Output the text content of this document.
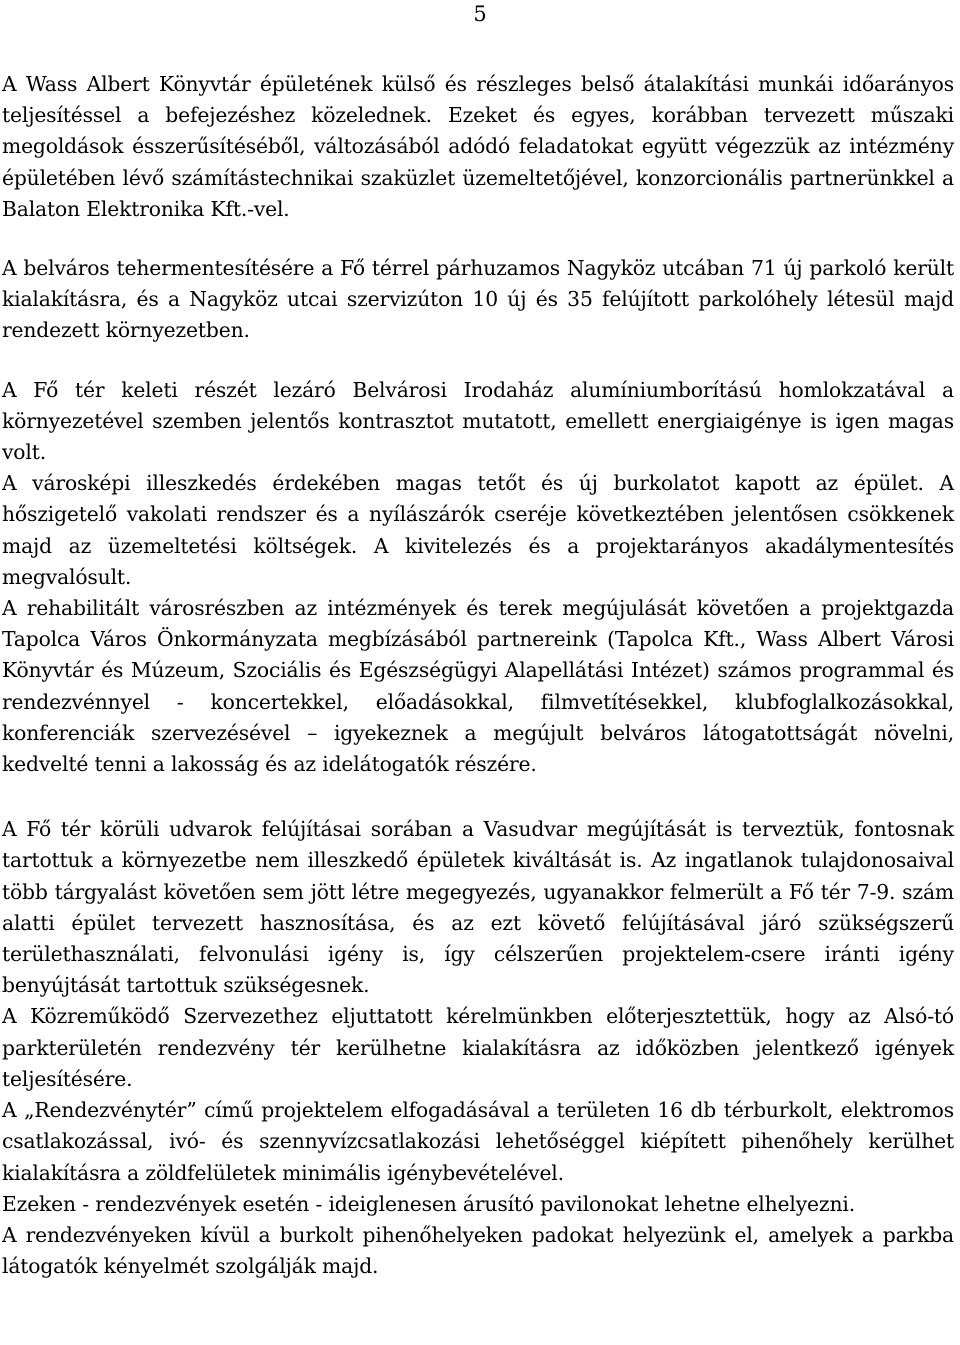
5

A Wass Albert Könyvtár épületének külső és részleges belső átalakítási munkái időarányos teljesítéssel a befejezéshez közelednek. Ezeket és egyes, korábban tervezett műszaki megoldások ésszerűsítéséből, változásából adódó feladatokat együtt végezzük az intézmény épületében lévő számítástechnikai szaküzlet üzemeltetőjével, konzorcionális partnerünkkel a Balaton Elektronika Kft.-vel.

A belváros tehermentesítésére a Fő térrel párhuzamos Nagyköz utcában 71 új parkoló került kialakításra, és a Nagyköz utcai szervizúton 10 új és 35 felújított parkolóhely létesül majd rendezett környezetben.

A Fő tér keleti részét lezáró Belvárosi Irodaház alumíniumborítású homlokzatával a környezetével szemben jelentős kontrasztot mutatott, emellett energiaigénye is igen magas volt.

A városképi illeszkedés érdekében magas tetőt és új burkolatot kapott az épület. A hőszigetelő vakolati rendszer és a nyílászárók cseréje következtében jelentősen csökkenek majd az üzemeltetési költségek. A kivitelezés és a projektarányos akadálymentesítés megvalósult.

A rehabilitált városrészben az intézmények és terek megújulását követően a projektgazda Tapolca Város Önkormányzata megbízásából partnereink (Tapolca Kft., Wass Albert Városi Könyvtár és Múzeum, Szociális és Egészségügyi Alapellátási Intézet) számos programmal és rendezvénnyel - koncertekkel, előadásokkal, filmvetítésekkel, klubfoglalkozásokkal, konferenciák szervezésével – igyekeznek a megújult belváros látogatottságát növelni, kedvelté tenni a lakosság és az idelátogatók részére.

A Fő tér körüli udvarok felújításai sorában a Vasudvar megújítását is terveztük, fontosnak tartottuk a környezetbe nem illeszkedő épületek kiváltását is. Az ingatlanok tulajdonosaival több tárgyalást követően sem jött létre megegyezés, ugyanakkor felmerült a Fő tér 7-9. szám alatti épület tervezett hasznosítása, és az ezt követő felújításával járó szükségszerű területhasználati, felvonulási igény is, így célszerűen projektelem-csere iránti igény benyújtását tartottuk szükségesnek.

A Közreműködő Szervezethez eljuttatott kérelmünkben előterjesztettük, hogy az Alsó-tó parkterületén rendezvény tér kerülhetne kialakításra az időközben jelentkező igények teljesítésére.

A „Rendezvénytér” című projektelem elfogadásával a területen 16 db térburkolt, elektromos csatlakozással, ivó- és szennyvízcsatlakozási lehetőséggel kiépített pihenőhely kerülhet kialakításra a zöldfelületek minimális igénybevételével.

Ezeken - rendezvények esetén - ideiglenesen árusító pavilonokat lehetne elhelyezni.

A rendezvényeken kívül a burkolt pihenőhelyeken padokat helyezünk el, amelyek a parkba látogatók kényelmét szolgálják majd.
